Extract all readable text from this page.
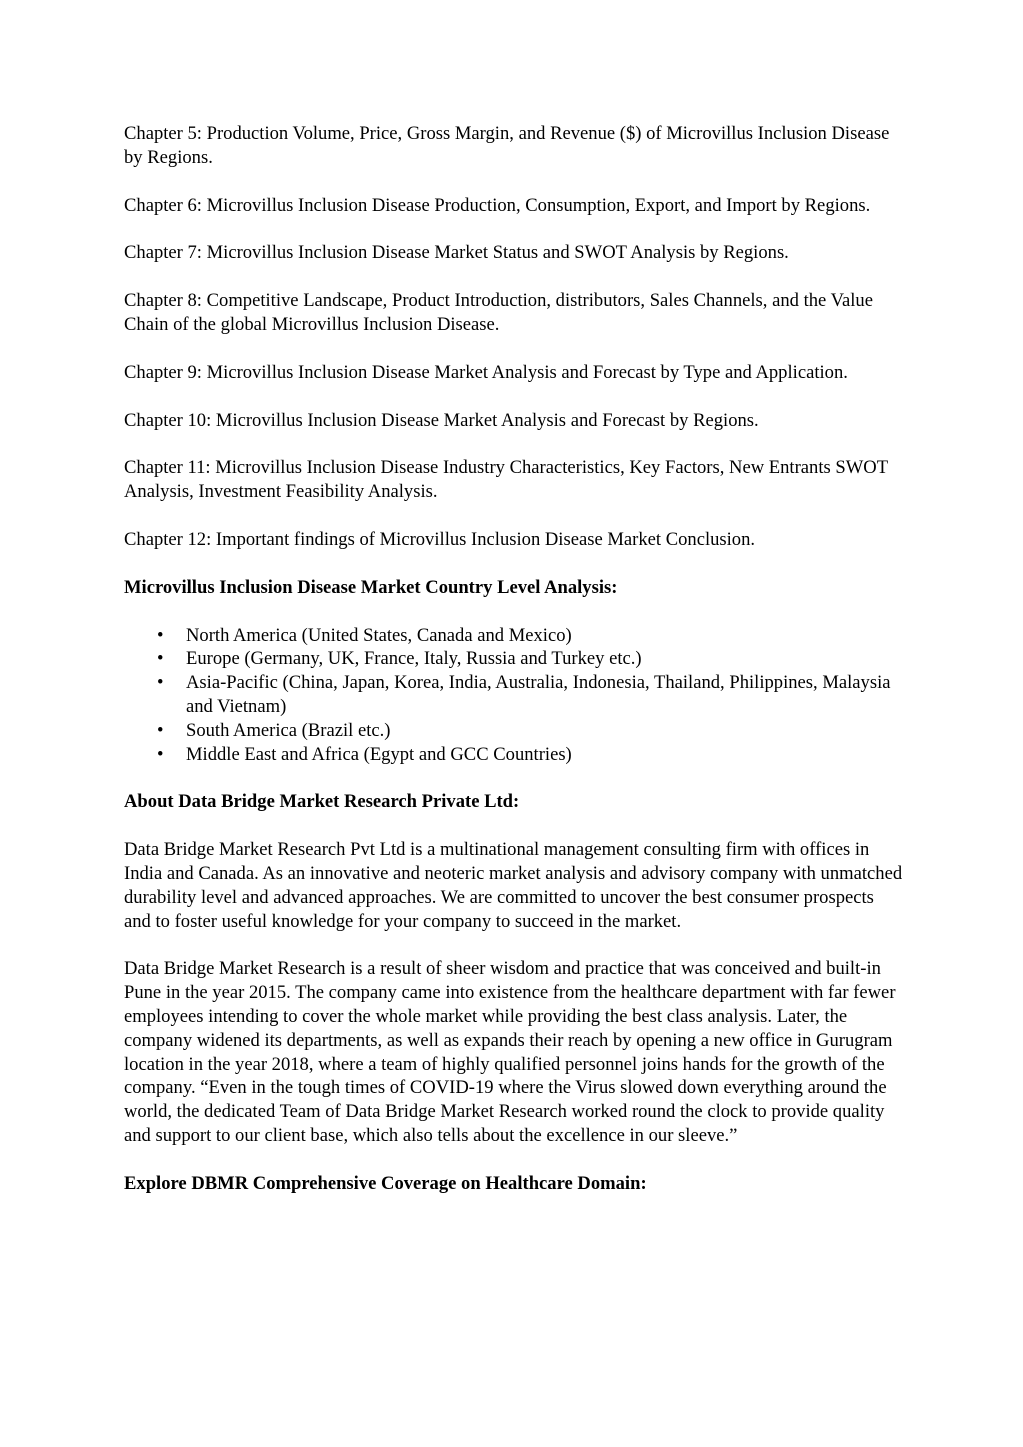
Chapter 5: Production Volume, Price, Gross Margin, and Revenue ($) of Microvillus Inclusion Disease by Regions.

Chapter 6: Microvillus Inclusion Disease Production, Consumption, Export, and Import by Regions.

Chapter 7: Microvillus Inclusion Disease Market Status and SWOT Analysis by Regions.

Chapter 8: Competitive Landscape, Product Introduction, distributors, Sales Channels, and the Value Chain of the global Microvillus Inclusion Disease.

Chapter 9: Microvillus Inclusion Disease Market Analysis and Forecast by Type and Application.

Chapter 10: Microvillus Inclusion Disease Market Analysis and Forecast by Regions.

Chapter 11: Microvillus Inclusion Disease Industry Characteristics, Key Factors, New Entrants SWOT Analysis, Investment Feasibility Analysis.

Chapter 12: Important findings of Microvillus Inclusion Disease Market Conclusion.

Microvillus Inclusion Disease Market Country Level Analysis:

• North America (United States, Canada and Mexico)
• Europe (Germany, UK, France, Italy, Russia and Turkey etc.)
• Asia-Pacific (China, Japan, Korea, India, Australia, Indonesia, Thailand, Philippines, Malaysia and Vietnam)
• South America (Brazil etc.)
• Middle East and Africa (Egypt and GCC Countries)

About Data Bridge Market Research Private Ltd:

Data Bridge Market Research Pvt Ltd is a multinational management consulting firm with offices in India and Canada. As an innovative and neoteric market analysis and advisory company with unmatched durability level and advanced approaches. We are committed to uncover the best consumer prospects and to foster useful knowledge for your company to succeed in the market.

Data Bridge Market Research is a result of sheer wisdom and practice that was conceived and built-in Pune in the year 2015. The company came into existence from the healthcare department with far fewer employees intending to cover the whole market while providing the best class analysis. Later, the company widened its departments, as well as expands their reach by opening a new office in Gurugram location in the year 2018, where a team of highly qualified personnel joins hands for the growth of the company. “Even in the tough times of COVID-19 where the Virus slowed down everything around the world, the dedicated Team of Data Bridge Market Research worked round the clock to provide quality and support to our client base, which also tells about the excellence in our sleeve.”

Explore DBMR Comprehensive Coverage on Healthcare Domain:
